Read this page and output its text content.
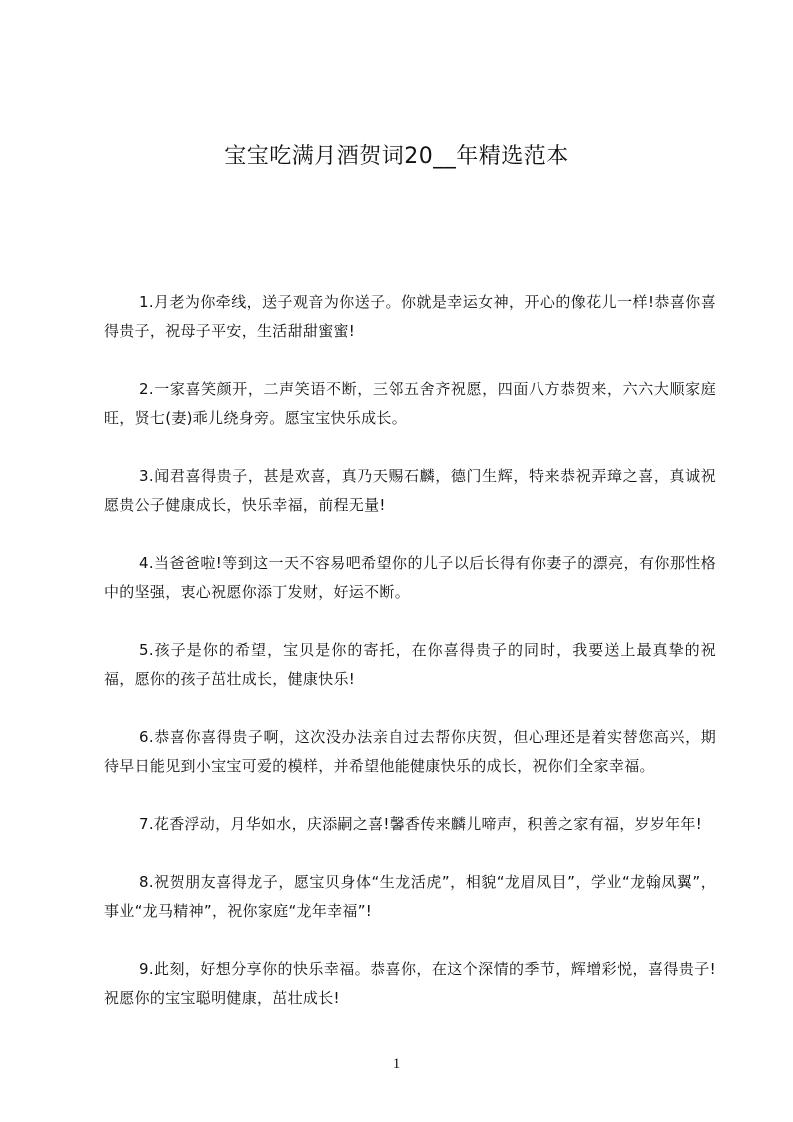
宝宝吃满月酒贺词20__年精选范本

1.月老为你牵线，送子观音为你送子。你就是幸运女神，开心的像花儿一样!恭喜你喜得贵子，祝母子平安，生活甜甜蜜蜜!

2.一家喜笑颜开，二声笑语不断，三邻五舍齐祝愿，四面八方恭贺来，六六大顺家庭旺，贤七(妻)乖儿绕身旁。愿宝宝快乐成长。

3.闻君喜得贵子，甚是欢喜，真乃天赐石麟，德门生辉，特来恭祝弄璋之喜，真诚祝愿贵公子健康成长，快乐幸福，前程无量!

4.当爸爸啦!等到这一天不容易吧希望你的儿子以后长得有你妻子的漂亮，有你那性格中的坚强，衷心祝愿你添丁发财，好运不断。

5.孩子是你的希望，宝贝是你的寄托，在你喜得贵子的同时，我要送上最真挚的祝福，愿你的孩子茁壮成长，健康快乐!

6.恭喜你喜得贵子啊，这次没办法亲自过去帮你庆贺，但心理还是着实替您高兴，期待早日能见到小宝宝可爱的模样，并希望他能健康快乐的成长，祝你们全家幸福。

7.花香浮动，月华如水，庆添嗣之喜!馨香传来麟儿啼声，积善之家有福，岁岁年年!

8.祝贺朋友喜得龙子，愿宝贝身体“生龙活虎”，相貌“龙眉凤目”，学业“龙翰凤翼”，事业“龙马精神”，祝你家庭“龙年幸福”!

9.此刻，好想分享你的快乐幸福。恭喜你，在这个深情的季节，辉增彩悦，喜得贵子!祝愿你的宝宝聪明健康，茁壮成长!

1
